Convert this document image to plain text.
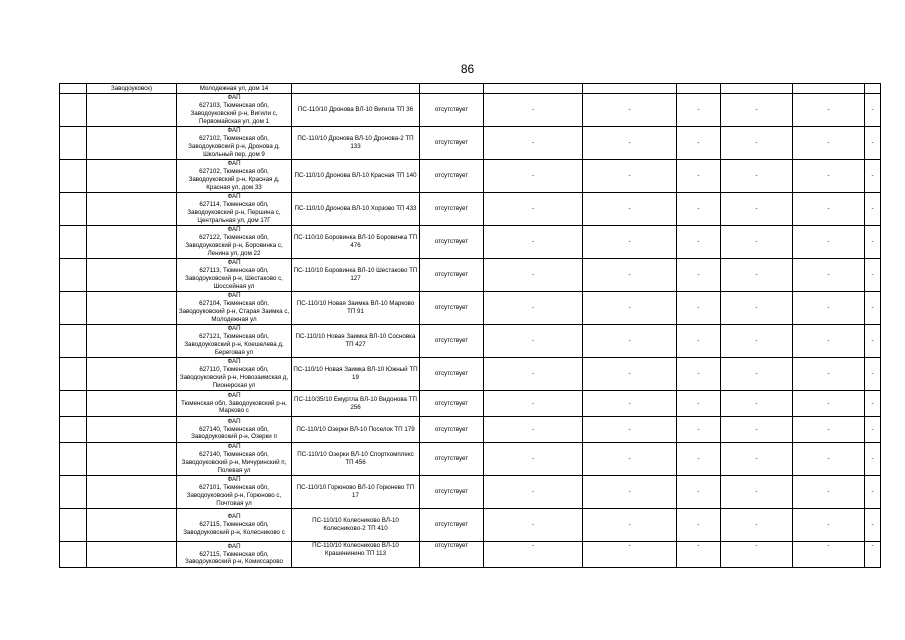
86
	Заводоуковск)	Молодежная ул, дом 14								

		ФАП
627103, Тюменская обл, Заводоуковский р-н, Вигили с, Первомайская ул, дом 1	ПС-110/10 Дронова ВЛ-10 Вигила ТП 36	отсутствует	-	-	-	-	-	-

		ФАП
627102, Тюменская обл, Заводоуковский р-н, Дронова д, Школьный пер, дом 9	ПС-110/10 Дронова ВЛ-10 Дронова-2 ТП 133	отсутствует	-	-	-	-	-	-

		ФАП
627102, Тюменская обл, Заводоуковский р-н, Красная д, Красная ул, дом 33	ПС-110/10 Дронова ВЛ-10 Красная ТП 140	отсутствует	-	-	-	-	-	-

		ФАП
627114, Тюменская обл, Заводоуковский р-н, Першина с, Центральная ул, дом 17Г	ПС-110/10 Дронова ВЛ-10 Хорзово ТП 433	отсутствует	-	-	-	-	-	-

		ФАП
627122, Тюменская обл, Заводоуковский р-н, Боровинка с, Ленина ул, дом 22	ПС-110/10 Боровинка ВЛ-10 Боровинка ТП 476	отсутствует	-	-	-	-	-	-

		ФАП
627113, Тюменская обл, Заводоуковский р-н, Шестаково с, Шоссейная ул	ПС-110/10 Боровинка ВЛ-10 Шестаково ТП 127	отсутствует	-	-	-	-	-	-

		ФАП
627104, Тюменская обл, Заводоуковский р-н, Старая Заимка с, Молодежная ул	ПС-110/10 Новая Заимка ВЛ-10 Марково ТП 91	отсутствует	-	-	-	-	-	-

		ФАП
627121, Тюменская обл, Заводоуковский р-н, Коешелева д, Береговая ул	ПС-110/10 Новая Заимка ВЛ-10 Сосновка ТП 427	отсутствует	-	-	-	-	-	-

		ФАП
627110, Тюменская обл, Заводоуковский р-н, Новозаимская д, Пионерская ул	ПС-110/10 Новая Заимка ВЛ-10 Южный ТП 19	отсутствует	-	-	-	-	-	-

		ФАП
Тюменская обл, Заводоуковский р-н, Марково с	ПС-110/35/10 Емуртла ВЛ-10 Видонова ТП 256	отсутствует	-	-	-	-	-	-

		ФАП
627140, Тюменская обл, Заводоуковский р-н, Озерки п	ПС-110/10 Озерки ВЛ-10 Поселок ТП 179	отсутствует	-	-	-	-	-	-

		ФАП
627140, Тюменская обл, Заводоуковский р-н, Мичуринский п, Полевая ул	ПС-110/10 Озерки ВЛ-10 Спорткомплекс ТП 456	отсутствует	-	-	-	-	-	-

		ФАП
627101, Тюменская обл, Заводоуковский р-н, Горюново с, Почтовая ул	ПС-110/10 Горюново ВЛ-10 Горюнево ТП 17	отсутствует	-	-	-	-	-	-

		ФАП
627115, Тюменская обл, Заводоуковский р-н, Колесниково с	ПС-110/10 Колесниково ВЛ-10 Колесниково-2 ТП 410	отсутствует	-	-	-	-	-	-

		ФАП
627115, Тюменская обл, Заводоуковский р-н, Комиссарово	ПС-110/10 Колесниково ВЛ-10 Крашенинино ТП 113	отсутствует	-	-	-	-	-	-
